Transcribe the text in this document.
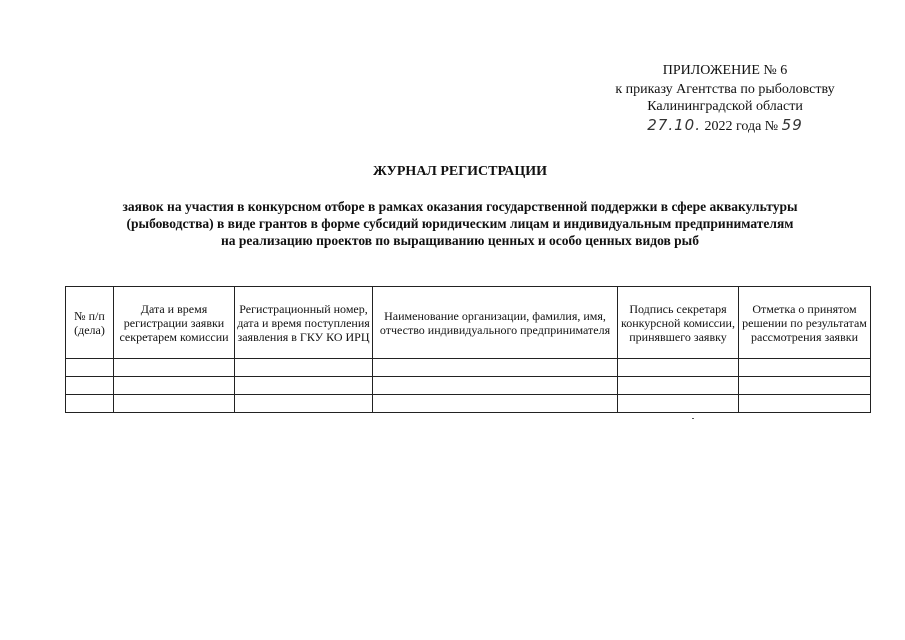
ПРИЛОЖЕНИЕ № 6
к приказу Агентства по рыболовству
Калининградской области
27.10. 2022 года № 59
ЖУРНАЛ РЕГИСТРАЦИИ
заявок на участия в конкурсном отборе в рамках оказания государственной поддержки в сфере аквакультуры
(рыбоводства) в виде грантов в форме субсидий юридическим лицам и индивидуальным предпринимателям
на реализацию проектов по выращиванию ценных и особо ценных видов рыб
№ п/п (дела)	Дата и время регистрации заявки секретарем комиссии	Регистрационный номер, дата и время поступления заявления в ГКУ КО ИРЦ	Наименование организации, фамилия, имя, отчество индивидуального предпринимателя	Подпись секретаря конкурсной комиссии, принявшего заявку	Отметка о принятом решении по результатам рассмотрения заявки
